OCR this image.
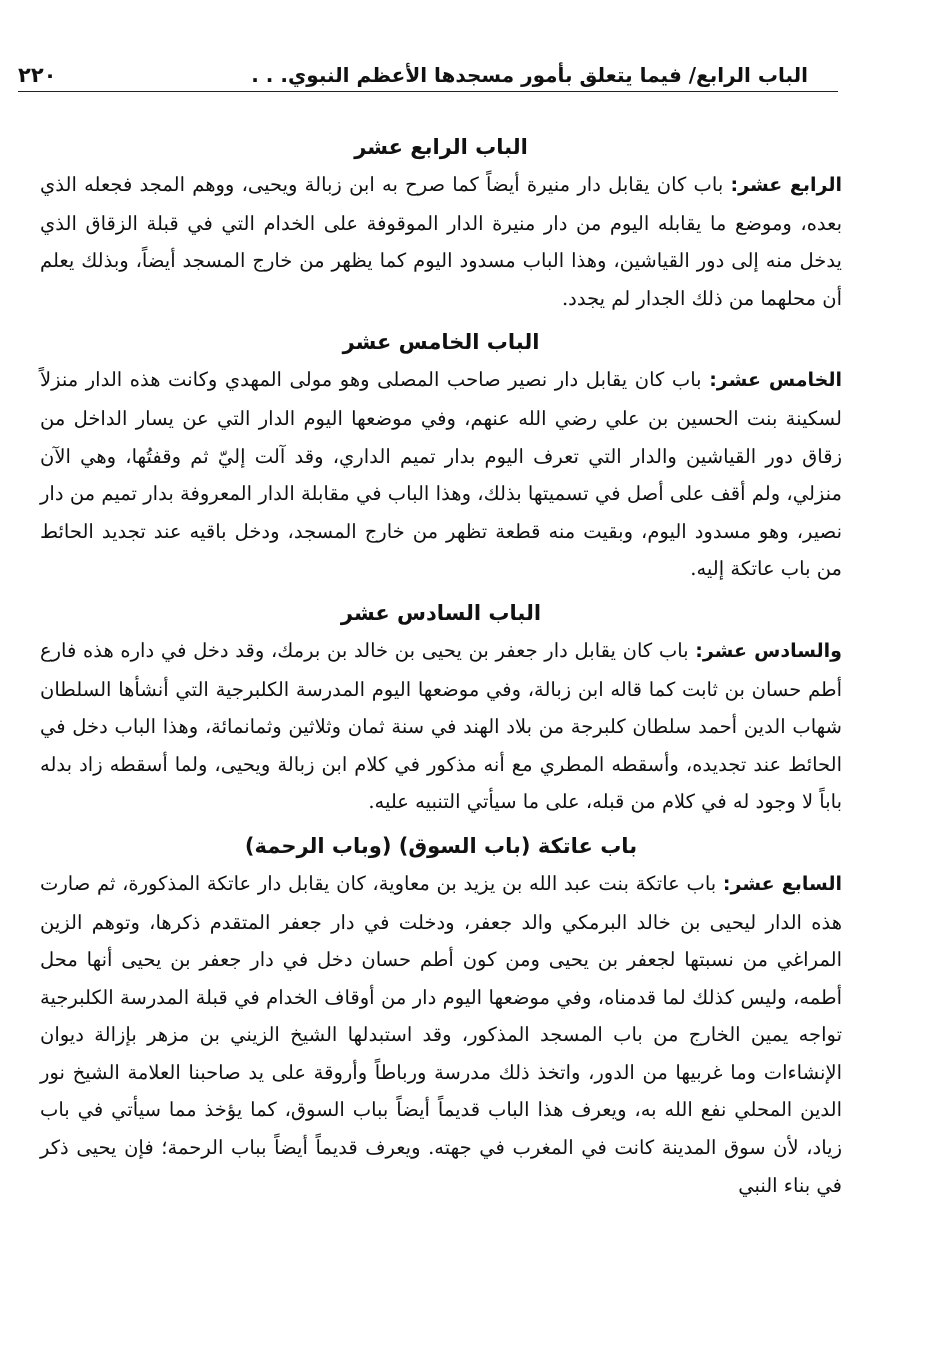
الباب الرابع/ فيما يتعلق بأمور مسجدها الأعظم النبوي. . .
٢٢٠
الباب الرابع عشر

الرابع عشر: باب كان يقابل دار منيرة أيضاً كما صرح به ابن زبالة ويحيى، ووهم المجد فجعله الذي بعده، وموضع ما يقابله اليوم من دار منيرة الدار الموقوفة على الخدام التي في قبلة الزقاق الذي يدخل منه إلى دور القياشين، وهذا الباب مسدود اليوم كما يظهر من خارج المسجد أيضاً، وبذلك يعلم أن محلهما من ذلك الجدار لم يجدد.

الباب الخامس عشر

الخامس عشر: باب كان يقابل دار نصير صاحب المصلى وهو مولى المهدي وكانت هذه الدار منزلاً لسكينة بنت الحسين بن علي رضي الله عنهم، وفي موضعها اليوم الدار التي عن يسار الداخل من زقاق دور القياشين والدار التي تعرف اليوم بدار تميم الداري، وقد آلت إليّ ثم وقفتُها، وهي الآن منزلي، ولم أقف على أصل في تسميتها بذلك، وهذا الباب في مقابلة الدار المعروفة بدار تميم من دار نصير، وهو مسدود اليوم، وبقيت منه قطعة تظهر من خارج المسجد، ودخل باقيه عند تجديد الحائط من باب عاتكة إليه.

الباب السادس عشر

والسادس عشر: باب كان يقابل دار جعفر بن يحيى بن خالد بن برمك، وقد دخل في داره هذه فارع أطم حسان بن ثابت كما قاله ابن زبالة، وفي موضعها اليوم المدرسة الكلبرجية التي أنشأها السلطان شهاب الدين أحمد سلطان كلبرجة من بلاد الهند في سنة ثمان وثلاثين وثمانمائة، وهذا الباب دخل في الحائط عند تجديده، وأسقطه المطري مع أنه مذكور في كلام ابن زبالة ويحيى، ولما أسقطه زاد بدله باباً لا وجود له في كلام من قبله، على ما سيأتي التنبيه عليه.

باب عاتكة (باب السوق) (وباب الرحمة)

السابع عشر: باب عاتكة بنت عبد الله بن يزيد بن معاوية، كان يقابل دار عاتكة المذكورة، ثم صارت هذه الدار ليحيى بن خالد البرمكي والد جعفر، ودخلت في دار جعفر المتقدم ذكرها، وتوهم الزين المراغي من نسبتها لجعفر بن يحيى ومن كون أطم حسان دخل في دار جعفر بن يحيى أنها محل أطمه، وليس كذلك لما قدمناه، وفي موضعها اليوم دار من أوقاف الخدام في قبلة المدرسة الكلبرجية تواجه يمين الخارج من باب المسجد المذكور، وقد استبدلها الشيخ الزيني بن مزهر بإزالة ديوان الإنشاءات وما غربيها من الدور، واتخذ ذلك مدرسة ورباطاً وأروقة على يد صاحبنا العلامة الشيخ نور الدين المحلي نفع الله به، ويعرف هذا الباب قديماً أيضاً بباب السوق، كما يؤخذ مما سيأتي في باب زياد، لأن سوق المدينة كانت في المغرب في جهته. ويعرف قديماً أيضاً بباب الرحمة؛ فإن يحيى ذكر في بناء النبي
